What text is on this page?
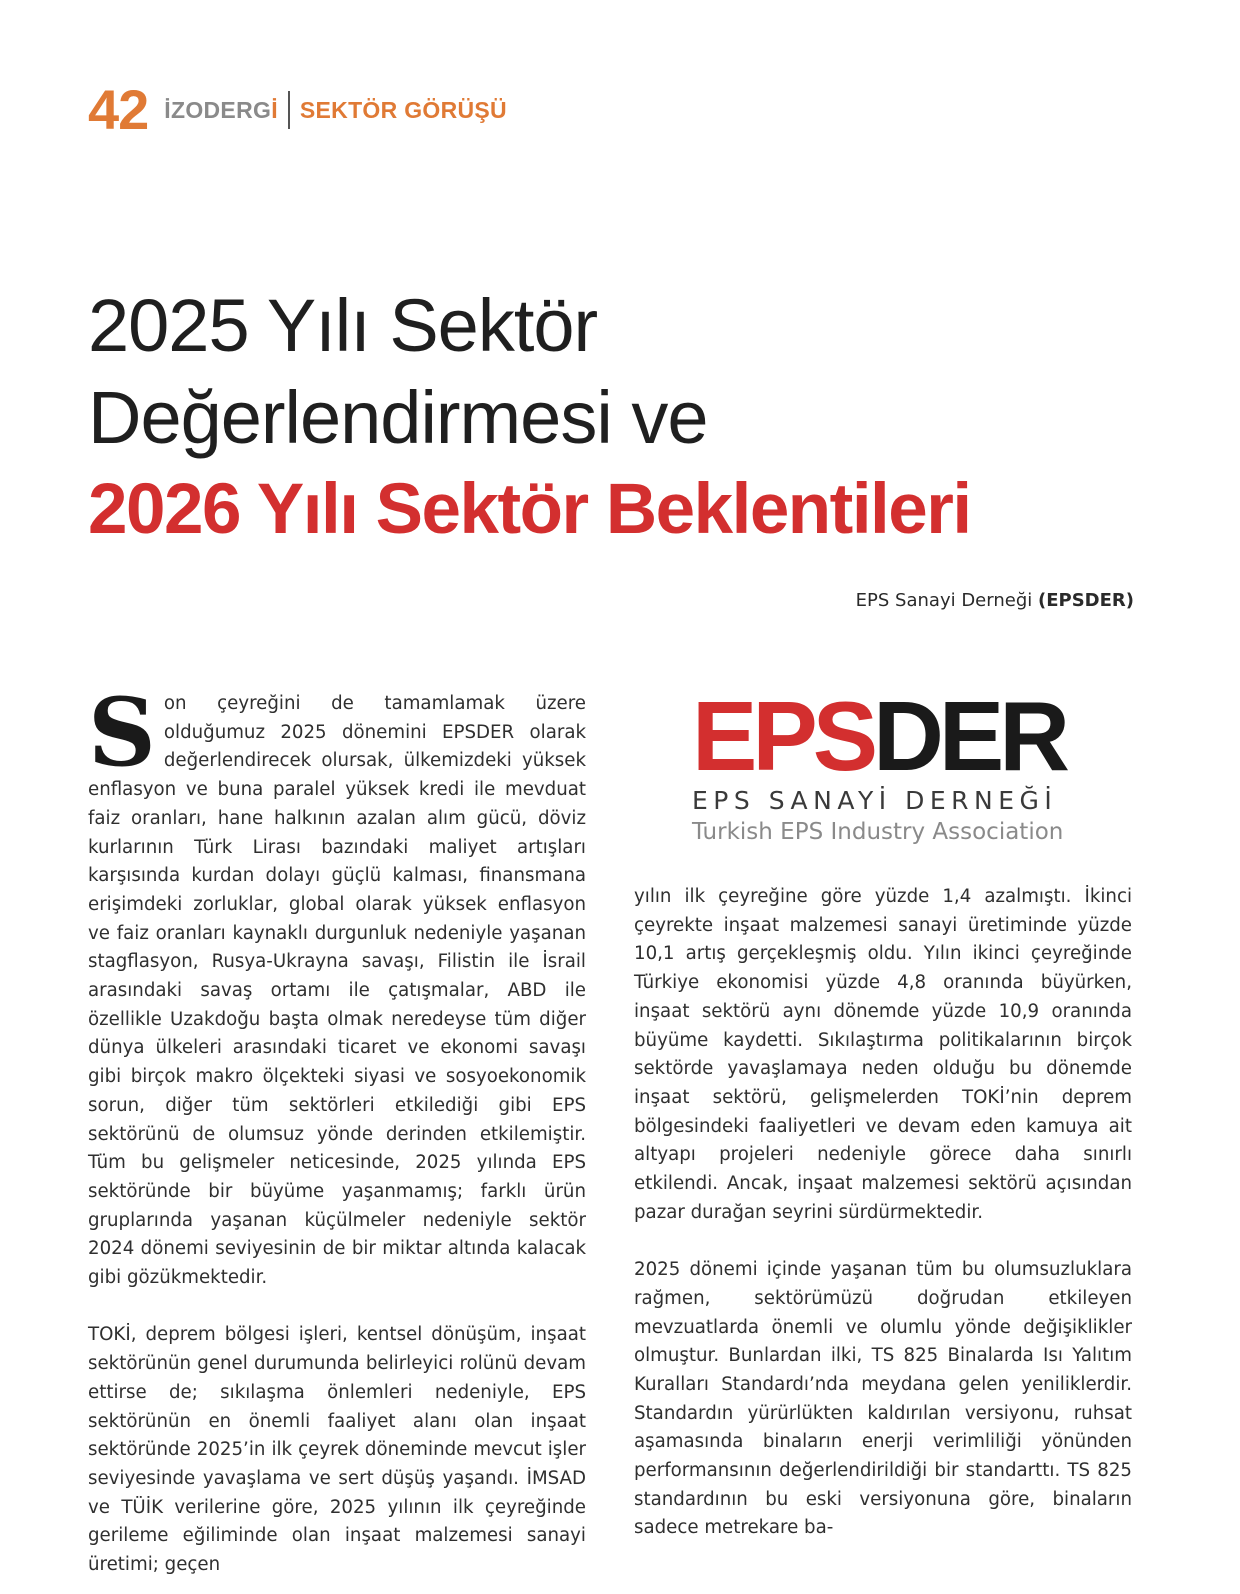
42 İZODERGİ SEKTÖR GÖRÜŞÜ
2025 Yılı Sektör
Değerlendirmesi ve
2026 Yılı Sektör Beklentileri
EPS Sanayi Derneği (EPSDER)

Son çeyreğini de tamamlamak üzere olduğumuz 2025 dönemini EPSDER olarak değerlendirecek olursak, ülkemizdeki yüksek enflasyon ve buna paralel yüksek kredi ile mevduat faiz oranları, hane halkının azalan alım gücü, döviz kurlarının Türk Lirası bazındaki maliyet artışları karşısında kurdan dolayı güçlü kalması, finansmana erişimdeki zorluklar, global olarak yüksek enflasyon ve faiz oranları kaynaklı durgunluk nedeniyle yaşanan stagflasyon, Rusya-Ukrayna savaşı, Filistin ile İsrail arasındaki savaş ortamı ile çatışmalar, ABD ile özellikle Uzakdoğu başta olmak neredeyse tüm diğer dünya ülkeleri arasındaki ticaret ve ekonomi savaşı gibi birçok makro ölçekteki siyasi ve sosyoekonomik sorun, diğer tüm sektörleri etkilediği gibi EPS sektörünü de olumsuz yönde derinden etkilemiştir. Tüm bu gelişmeler neticesinde, 2025 yılında EPS sektöründe bir büyüme yaşanmamış; farklı ürün gruplarında yaşanan küçülmeler nedeniyle sektör 2024 dönemi seviyesinin de bir miktar altında kalacak gibi gözükmektedir.

TOKİ, deprem bölgesi işleri, kentsel dönüşüm, inşaat sektörünün genel durumunda belirleyici rolünü devam ettirse de; sıkılaşma önlemleri nedeniyle, EPS sektörünün en önemli faaliyet alanı olan inşaat sektöründe 2025’in ilk çeyrek döneminde mevcut işler seviyesinde yavaşlama ve sert düşüş yaşandı. İMSAD ve TÜİK verilerine göre, 2025 yılının ilk çeyreğinde gerileme eğiliminde olan inşaat malzemesi sanayi üretimi; geçen

EPSDER
EPS SANAYİ DERNEĞİ
Turkish EPS Industry Association

yılın ilk çeyreğine göre yüzde 1,4 azalmıştı. İkinci çeyrekte inşaat malzemesi sanayi üretiminde yüzde 10,1 artış gerçekleşmiş oldu. Yılın ikinci çeyreğinde Türkiye ekonomisi yüzde 4,8 oranında büyürken, inşaat sektörü aynı dönemde yüzde 10,9 oranında büyüme kaydetti. Sıkılaştırma politikalarının birçok sektörde yavaşlamaya neden olduğu bu dönemde inşaat sektörü, gelişmelerden TOKİ’nin deprem bölgesindeki faaliyetleri ve devam eden kamuya ait altyapı projeleri nedeniyle görece daha sınırlı etkilendi. Ancak, inşaat malzemesi sektörü açısından pazar durağan seyrini sürdürmektedir.

2025 dönemi içinde yaşanan tüm bu olumsuzluklara rağmen, sektörümüzü doğrudan etkileyen mevzuatlarda önemli ve olumlu yönde değişiklikler olmuştur. Bunlardan ilki, TS 825 Binalarda Isı Yalıtım Kuralları Standardı’nda meydana gelen yeniliklerdir. Standardın yürürlükten kaldırılan versiyonu, ruhsat aşamasında binaların enerji verimliliği yönünden performansının değerlendirildiği bir standarttı. TS 825 standardının bu eski versiyonuna göre, binaların sadece metrekare ba-
